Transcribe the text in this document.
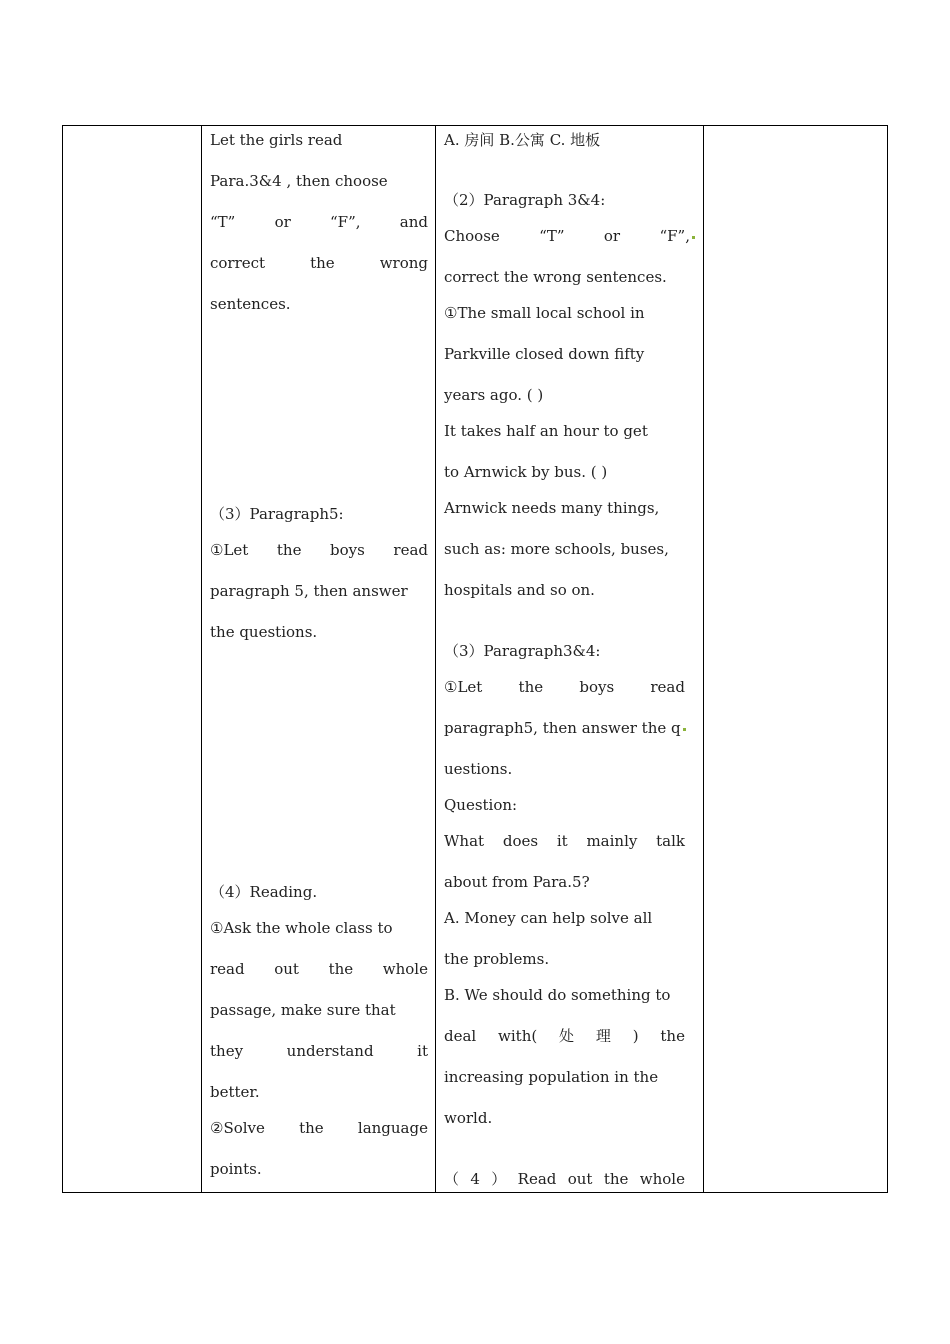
Let the girls read
Para.3&4 , then choose
“T”	or	“F”,	and
correct	the	wrong
sentences.
（3）Paragraph5:
①Let the boys read
paragraph 5, then answer
the questions.
（4）Reading.
①Ask the whole class to
read out the whole
passage, make sure that
they	understand	it
better.
②Solve the language
points.
A. 房间 B.公寓 C. 地板
（2）Paragraph 3&4:
Choose	“T”	or	“F”,
correct the wrong sentences.
①The small local school in
Parkville closed down fifty
years ago. ( )
It takes half an hour to get
to Arnwick by bus. ( )
Arnwick needs many things,
such as: more schools, buses,
hospitals and so on.
（3）Paragraph3&4:
①Let the boys read
paragraph5, then answer the q
uestions.
Question:
What does it mainly talk
about from Para.5?
A. Money can help solve all
the problems.
B. We should do something to
deal with( 处 理 ) the
increasing population in the
world.
（ 4 ） Read out the whole
